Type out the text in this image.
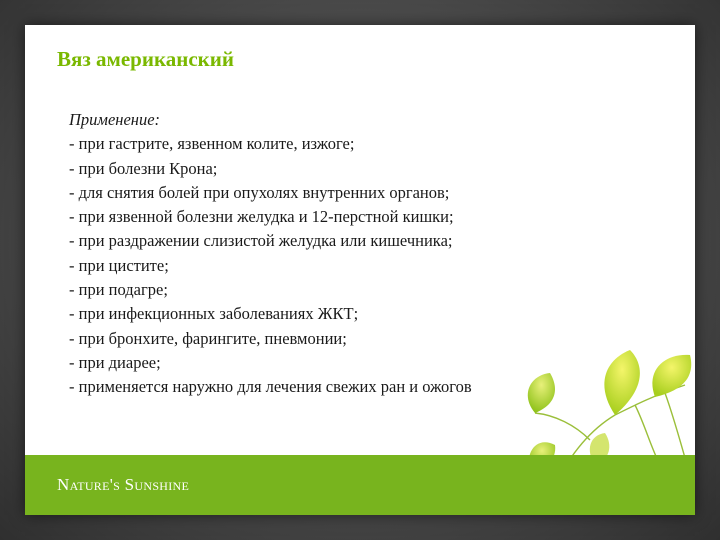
Вяз американский
Применение:
- при гастрите, язвенном колите, изжоге;
- при болезни Крона;
- для снятия болей при опухолях внутренних органов;
- при язвенной болезни желудка и 12-перстной кишки;
- при раздражении слизистой желудка или кишечника;
- при цистите;
- при подагре;
- при инфекционных заболеваниях ЖКТ;
- при бронхите, фарингите, пневмонии;
- при диарее;
- применяется наружно для лечения свежих ран и ожогов
Nature's Sunshine
